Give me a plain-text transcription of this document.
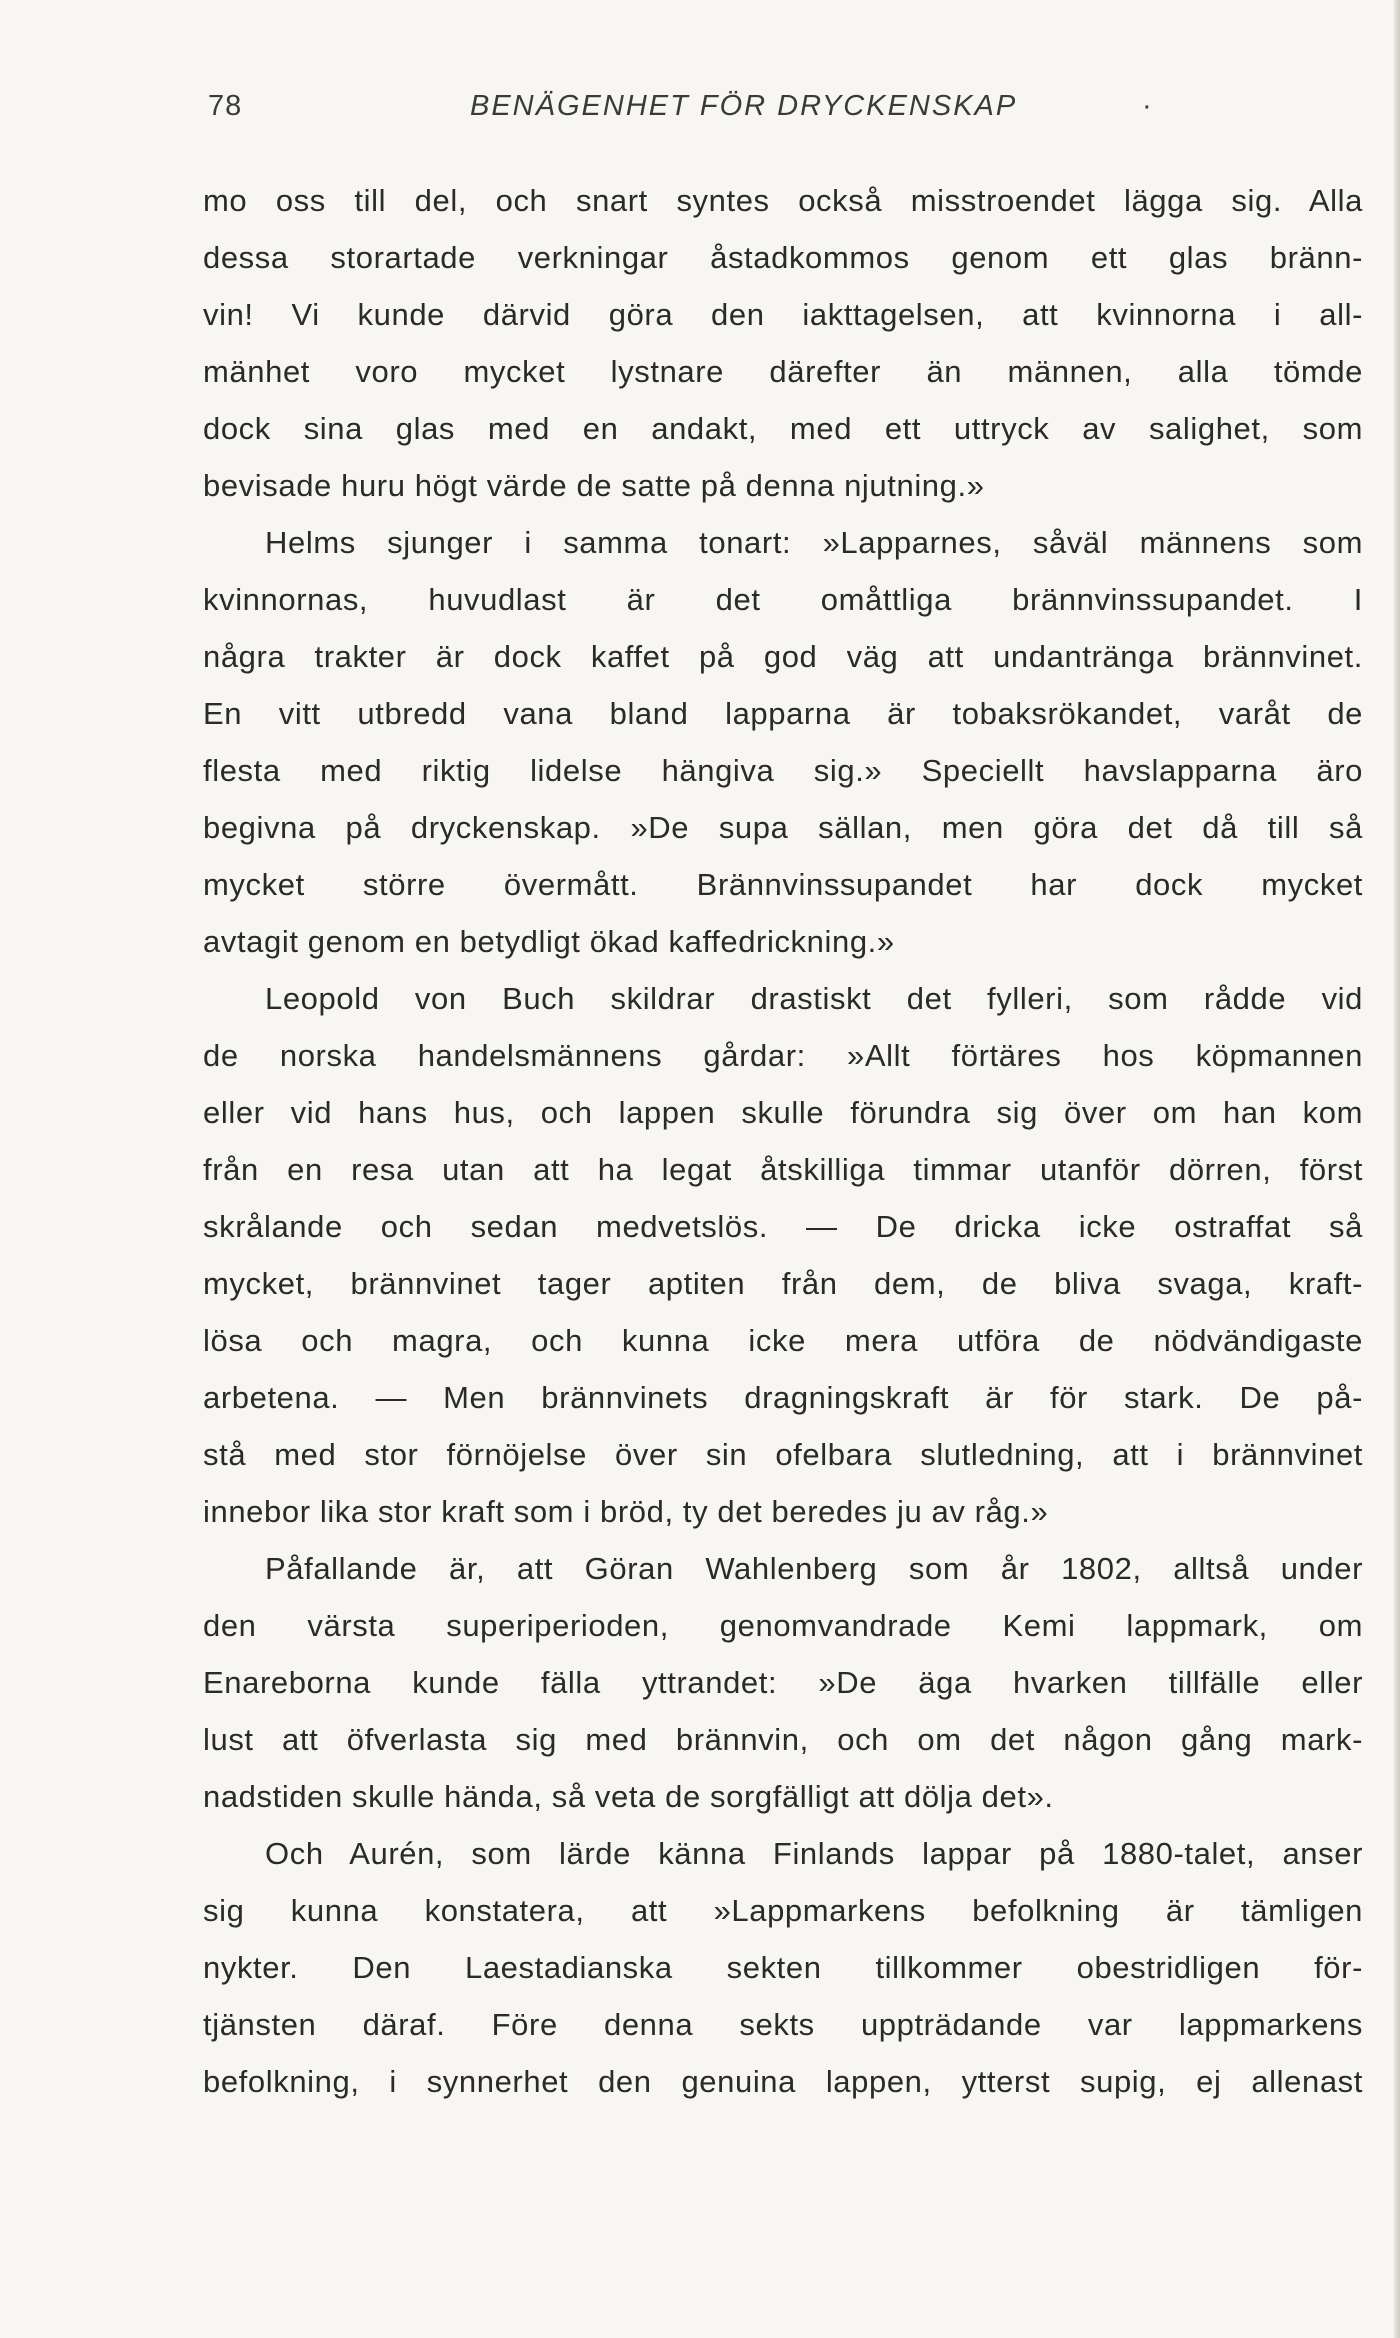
78	BENÄGENHET FÖR DRYCKENSKAP	·
mo oss till del, och snart syntes också misstroendet lägga sig. Alla
dessa storartade verkningar åstadkommos genom ett glas bränn-
vin! Vi kunde därvid göra den iakttagelsen, att kvinnorna i all-
mänhet voro mycket lystnare därefter än männen, alla tömde
dock sina glas med en andakt, med ett uttryck av salighet, som
bevisade huru högt värde de satte på denna njutning.»
Helms sjunger i samma tonart: »Lapparnes, såväl männens som
kvinnornas, huvudlast är det omåttliga brännvinssupandet. I
några trakter är dock kaffet på god väg att undantränga brännvinet.
En vitt utbredd vana bland lapparna är tobaksrökandet, varåt de
flesta med riktig lidelse hängiva sig.» Speciellt havslapparna äro
begivna på dryckenskap. »De supa sällan, men göra det då till så
mycket större övermått. Brännvinssupandet har dock mycket
avtagit genom en betydligt ökad kaffedrickning.»
Leopold von Buch skildrar drastiskt det fylleri, som rådde vid
de norska handelsmännens gårdar: »Allt förtäres hos köpmannen
eller vid hans hus, och lappen skulle förundra sig över om han kom
från en resa utan att ha legat åtskilliga timmar utanför dörren, först
skrålande och sedan medvetslös. — De dricka icke ostraffat så
mycket, brännvinet tager aptiten från dem, de bliva svaga, kraft-
lösa och magra, och kunna icke mera utföra de nödvändigaste
arbetena. — Men brännvinets dragningskraft är för stark. De på-
stå med stor förnöjelse över sin ofelbara slutledning, att i brännvinet
innebor lika stor kraft som i bröd, ty det beredes ju av råg.»
Påfallande är, att Göran Wahlenberg som år 1802, alltså under
den värsta superiperioden, genomvandrade Kemi lappmark, om
Enareborna kunde fälla yttrandet: »De äga hvarken tillfälle eller
lust att öfverlasta sig med brännvin, och om det någon gång mark-
nadstiden skulle hända, så veta de sorgfälligt att dölja det».
Och Aurén, som lärde känna Finlands lappar på 1880-talet, anser
sig kunna konstatera, att »Lappmarkens befolkning är tämligen
nykter. Den Laestadianska sekten tillkommer obestridligen för-
tjänsten däraf. Före denna sekts uppträdande var lappmarkens
befolkning, i synnerhet den genuina lappen, ytterst supig, ej allenast
